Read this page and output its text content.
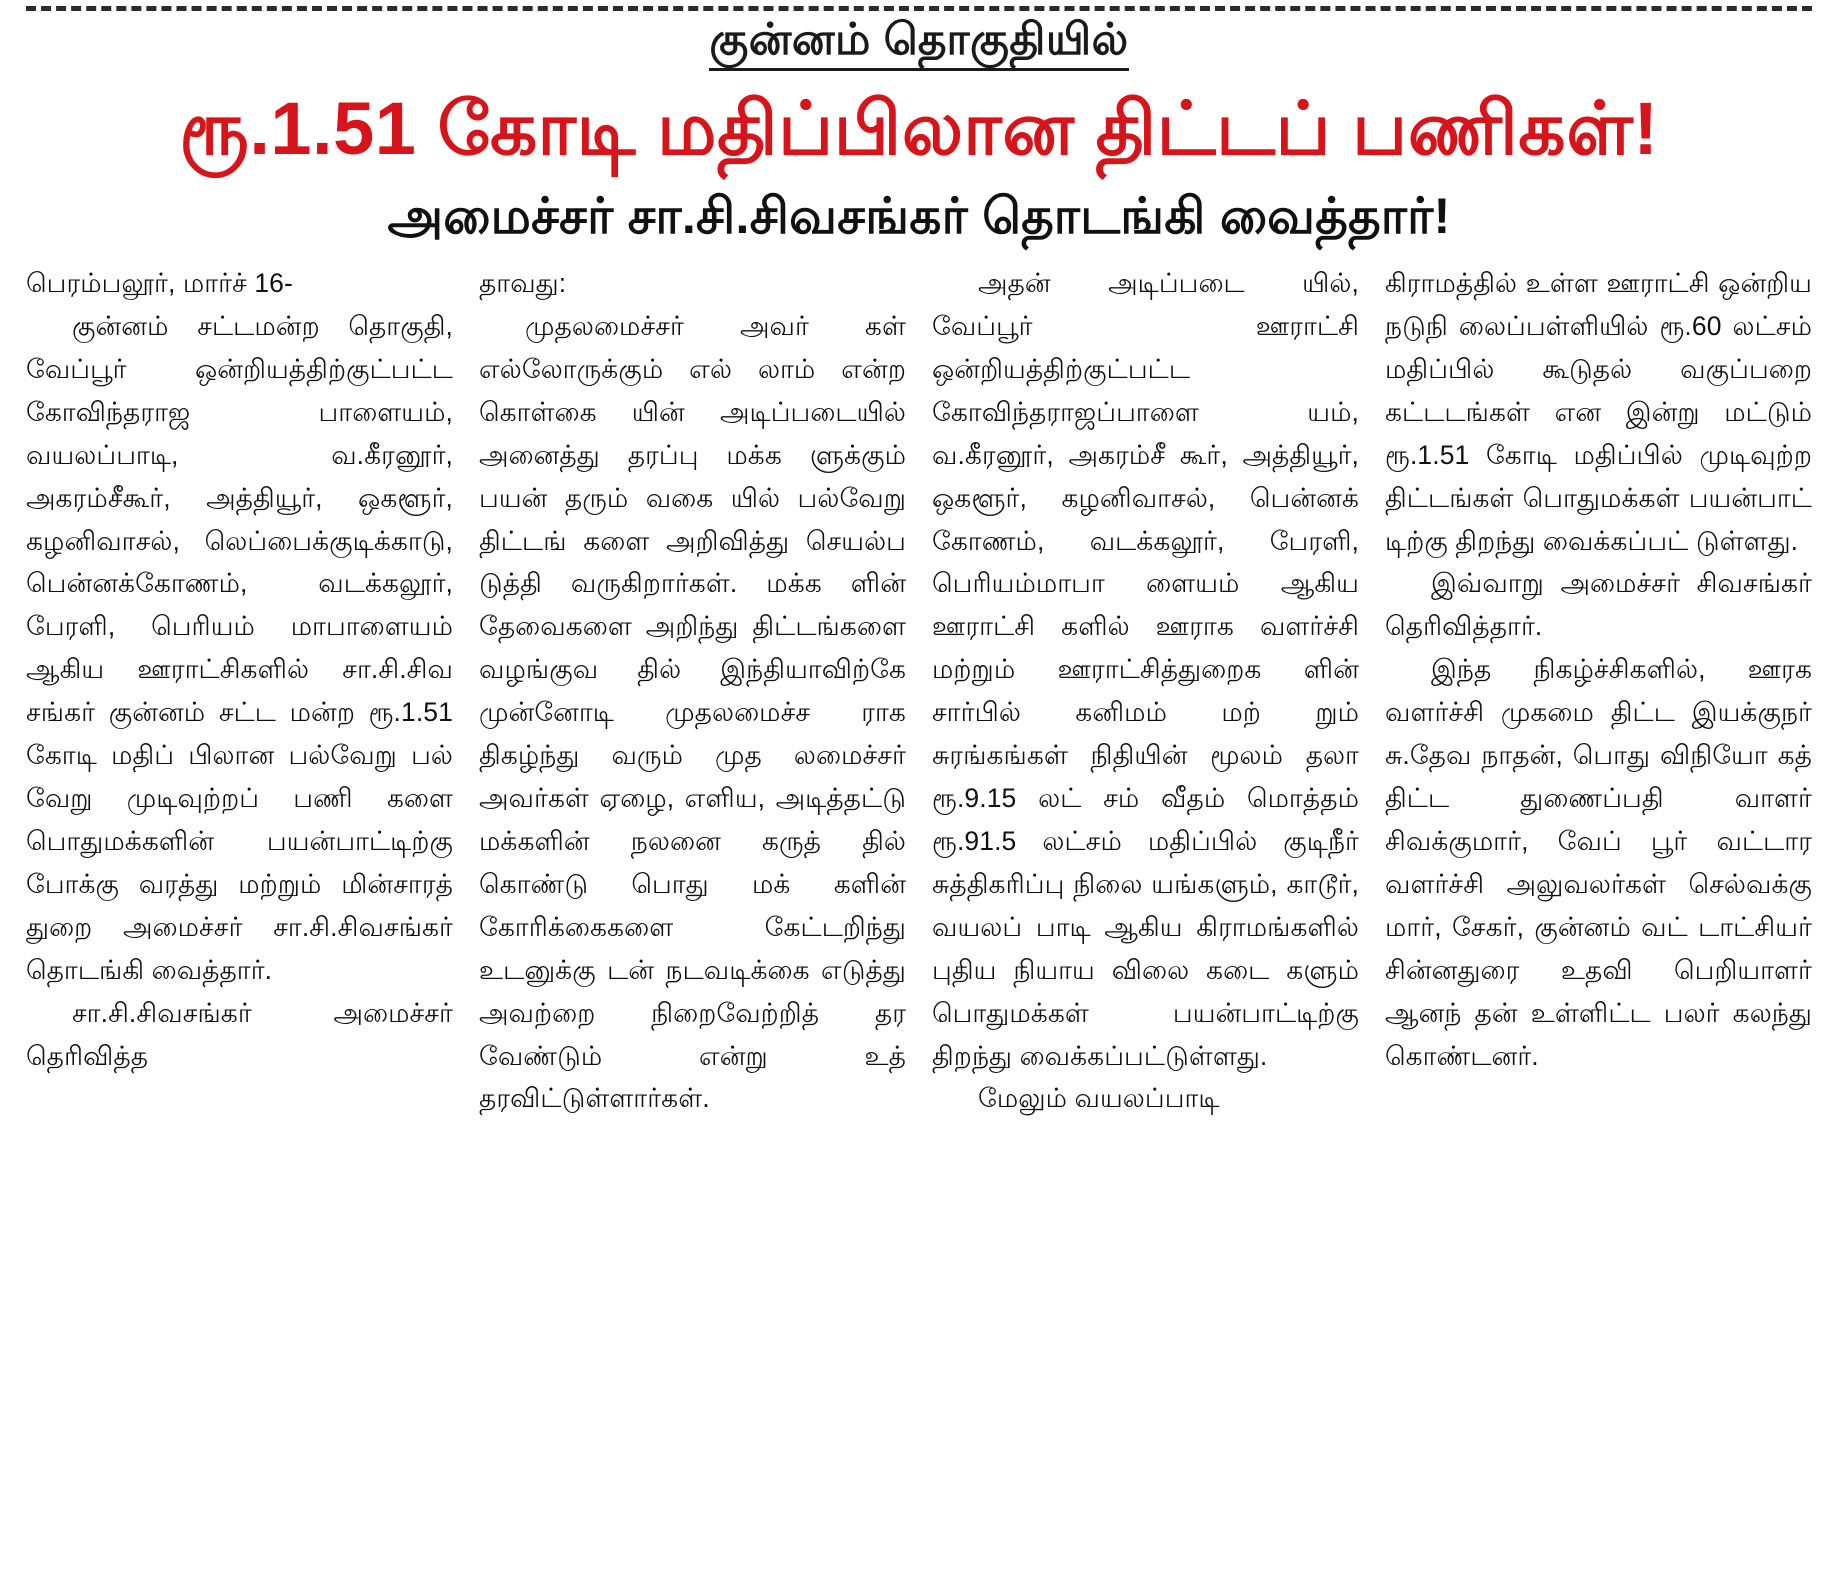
குன்னம் தொகுதியில்
ரூ.1.51 கோடி மதிப்பிலான திட்டப் பணிகள்!
அமைச்சர் சா.சி.சிவசங்கர் தொடங்கி வைத்தார்!

பெரம்பலூர், மார்ச் 16-

குன்னம் சட்டமன்ற தொகுதி, வேப்பூர் ஒன்றியத்திற்குட்பட்ட கோவிந்தராஜ பாளையம், வயலப்பாடி, வ.கீரனூர், அகரம்சீகூர், அத்தியூர், ஒகளூர், கழனிவாசல், லெப்பைக்குடிக்காடு, பென்னக்கோணம், வடக்கலூர், பேரளி, பெரியம் மாபாளையம் ஆகிய ஊராட்சிகளில் சா.சி.சிவ சங்கர் குன்னம் சட்ட மன்ற ரூ.1.51 கோடி மதிப் பிலான பல்வேறு பல் வேறு முடிவுற்றப் பணி களை பொதுமக்களின் பயன்பாட்டிற்கு போக்கு வரத்து மற்றும் மின்சாரத் துறை அமைச்சர் சா.சி.சிவசங்கர் தொடங்கி வைத்தார்.

சா.சி.சிவசங்கர் அமைச்சர் தெரிவித்த

தாவது:

முதலமைச்சர் அவர் கள் எல்லோருக்கும் எல் லாம் என்ற கொள்கை யின் அடிப்படையில் அனைத்து தரப்பு மக்க ளுக்கும் பயன் தரும் வகை யில் பல்வேறு திட்டங் களை அறிவித்து செயல்ப டுத்தி வருகிறார்கள். மக்க ளின் தேவைகளை அறிந்து திட்டங்களை வழங்குவ தில் இந்தியாவிற்கே முன்னோடி முதலமைச்ச ராக திகழ்ந்து வரும் முத லமைச்சர் அவர்கள் ஏழை, எளிய, அடித்தட்டு மக்களின் நலனை கருத் தில் கொண்டு பொது மக் களின் கோரிக்கைகளை கேட்டறிந்து உடனுக்கு டன் நடவடிக்கை எடுத்து அவற்றை நிறைவேற்றித் தர வேண்டும் என்று உத் தரவிட்டுள்ளார்கள்.

அதன் அடிப்படை யில், வேப்பூர் ஊராட்சி ஒன்றியத்திற்குட்பட்ட கோவிந்தராஜப்பாளை யம், வ.கீரனூர், அகரம்சீ கூர், அத்தியூர், ஒகளூர், கழனிவாசல், பென்னக் கோணம், வடக்கலூர், பேரளி, பெரியம்மாபா ளையம் ஆகிய ஊராட்சி களில் ஊராக வளர்ச்சி மற்றும் ஊராட்சித்துறைக ளின் சார்பில் கனிமம் மற் றும் சுரங்கங்கள் நிதியின் மூலம் தலா ரூ.9.15 லட் சம் வீதம் மொத்தம் ரூ.91.5 லட்சம் மதிப்பில் குடிநீர் சுத்திகரிப்பு நிலை யங்களும், காடூர், வயலப் பாடி ஆகிய கிராமங்களில் புதிய நியாய விலை கடை களும் பொதுமக்கள் பயன்பாட்டிற்கு திறந்து வைக்கப்பட்டுள்ளது.

மேலும் வயலப்பாடி

கிராமத்தில் உள்ள ஊராட்சி ஒன்றிய நடுநி லைப்பள்ளியில் ரூ.60 லட்சம் மதிப்பில் கூடுதல் வகுப்பறை கட்டடங்கள் என இன்று மட்டும் ரூ.1.51 கோடி மதிப்பில் முடிவுற்ற திட்டங்கள் பொதுமக்கள் பயன்பாட் டிற்கு திறந்து வைக்கப்பட் டுள்ளது.

இவ்வாறு அமைச்சர் சிவசங்கர் தெரிவித்தார்.

இந்த நிகழ்ச்சிகளில், ஊரக வளர்ச்சி முகமை திட்ட இயக்குநர் சு.தேவ நாதன், பொது விநியோ கத் திட்ட துணைப்பதி வாளர் சிவக்குமார், வேப் பூர் வட்டார வளர்ச்சி அலுவலர்கள் செல்வக்கு மார், சேகர், குன்னம் வட் டாட்சியர் சின்னதுரை உதவி பெறியாளர் ஆனந் தன் உள்ளிட்ட பலர் கலந்து கொண்டனர்.
